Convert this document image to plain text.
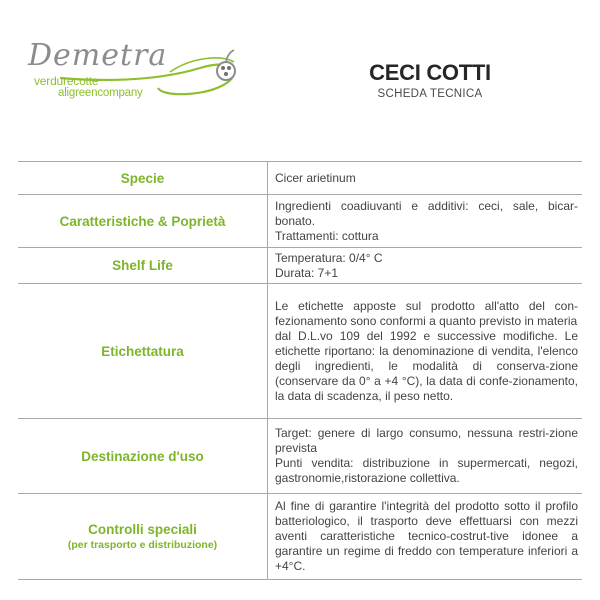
Demetra
verdurecotte
aligreencompany
CECI COTTI
SCHEDA TECNICA
Specie	Cicer arietinum

Caratteristiche & Poprietà	Ingredienti coadiuvanti e additivi: ceci, sale, bicar-bonato.
Trattamenti: cottura

Shelf Life	Temperatura: 0/4° C
Durata: 7+1

Etichettatura	Le etichette apposte sul prodotto all'atto del con-fezionamento sono conformi a quanto previsto in materia
dal D.L.vo 109 del 1992 e successive modifiche. Le etichette riportano: la denominazione di vendita, l'elenco degli ingredienti, le modalità di conserva-zione (conservare da 0° a +4 °C), la data di confe-zionamento, la data di scadenza, il peso netto.

Destinazione d'uso	Target: genere di largo consumo, nessuna restri-zione prevista
Punti vendita: distribuzione in supermercati, negozi, gastronomie,ristorazione collettiva.

Controlli speciali
(per trasporto e distribuzione)	Al fine di garantire l'integrità del prodotto sotto il profilo batteriologico, il trasporto deve effettuarsi con mezzi aventi caratteristiche tecnico-costrut-tive idonee a garantire un regime di freddo con temperature inferiori a +4°C.
